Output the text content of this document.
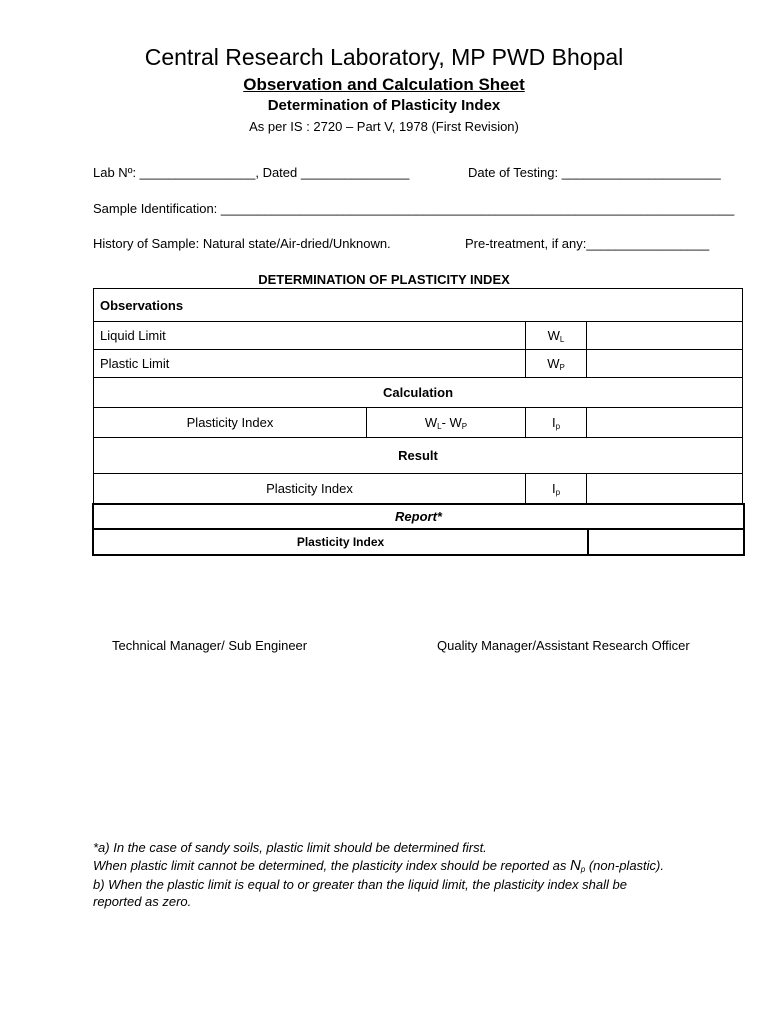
Central Research Laboratory, MP PWD Bhopal
Observation and Calculation Sheet
Determination of Plasticity Index
As per IS : 2720 – Part V, 1978 (First Revision)
Lab Nº: ________________, Dated _______________	Date of Testing: ______________________
Sample Identification: _______________________________________________________________________
History of Sample: Natural state/Air-dried/Unknown.	Pre-treatment, if any:_________________
DETERMINATION OF PLASTICITY INDEX
Observations			
Liquid Limit		$W_L$	
Plastic Limit		$W_P$	
Calculation			
Plasticity Index	$W_L-$ $W_P$	$I_p$	
Result			
Plasticity Index		$I_p$	
Report*
Plasticity Index	
Technical Manager/ Sub Engineer	Quality Manager/Assistant Research Officer
*a) In the case of sandy soils, plastic limit should be determined first.
When plastic limit cannot be determined, the plasticity index should be reported as $N_p$ (non-plastic).
b) When the plastic limit is equal to or greater than the liquid limit, the plasticity index shall be
reported as zero.
